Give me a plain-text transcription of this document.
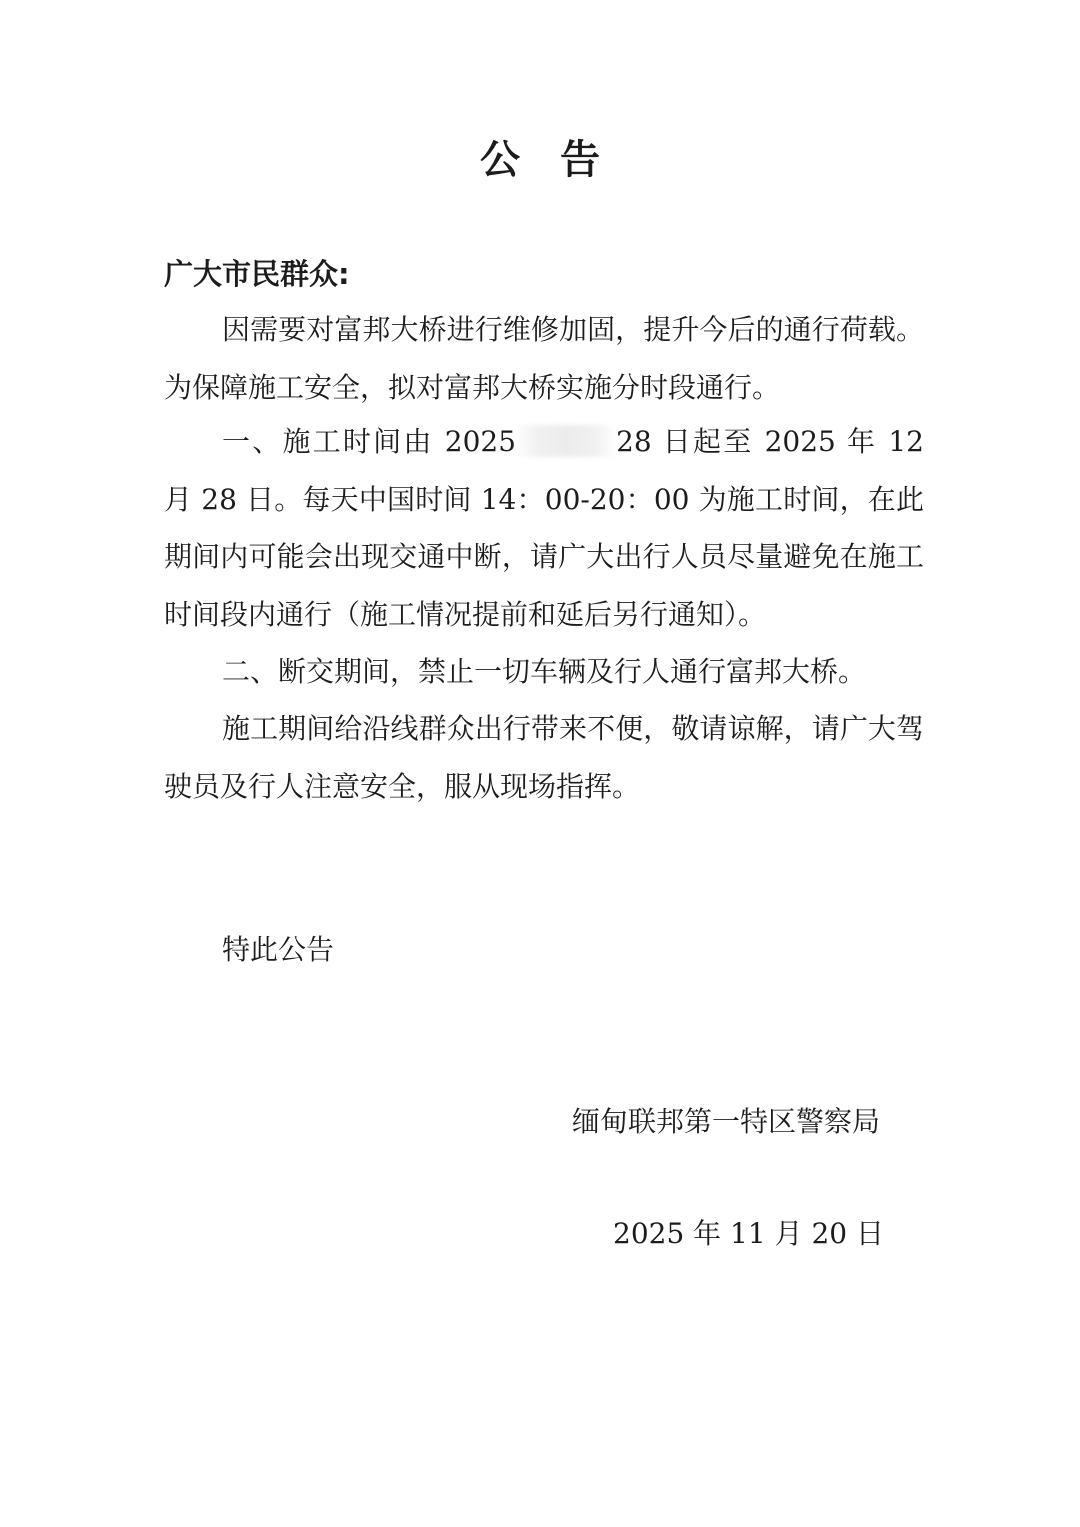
公告
广大市民群众:

因需要对富邦大桥进行维修加固，提升今后的通行荷载。为保障施工安全，拟对富邦大桥实施分时段通行。

一、施工时间由 2025	28 日起至 2025 年 12 月 28 日。每天中国时间 14：00-20：00 为施工时间，在此期间内可能会出现交通中断，请广大出行人员尽量避免在施工时间段内通行（施工情况提前和延后另行通知）。

二、断交期间，禁止一切车辆及行人通行富邦大桥。

施工期间给沿线群众出行带来不便，敬请谅解，请广大驾驶员及行人注意安全，服从现场指挥。

特此公告
缅甸联邦第一特区警察局
2025 年 11 月 20 日
